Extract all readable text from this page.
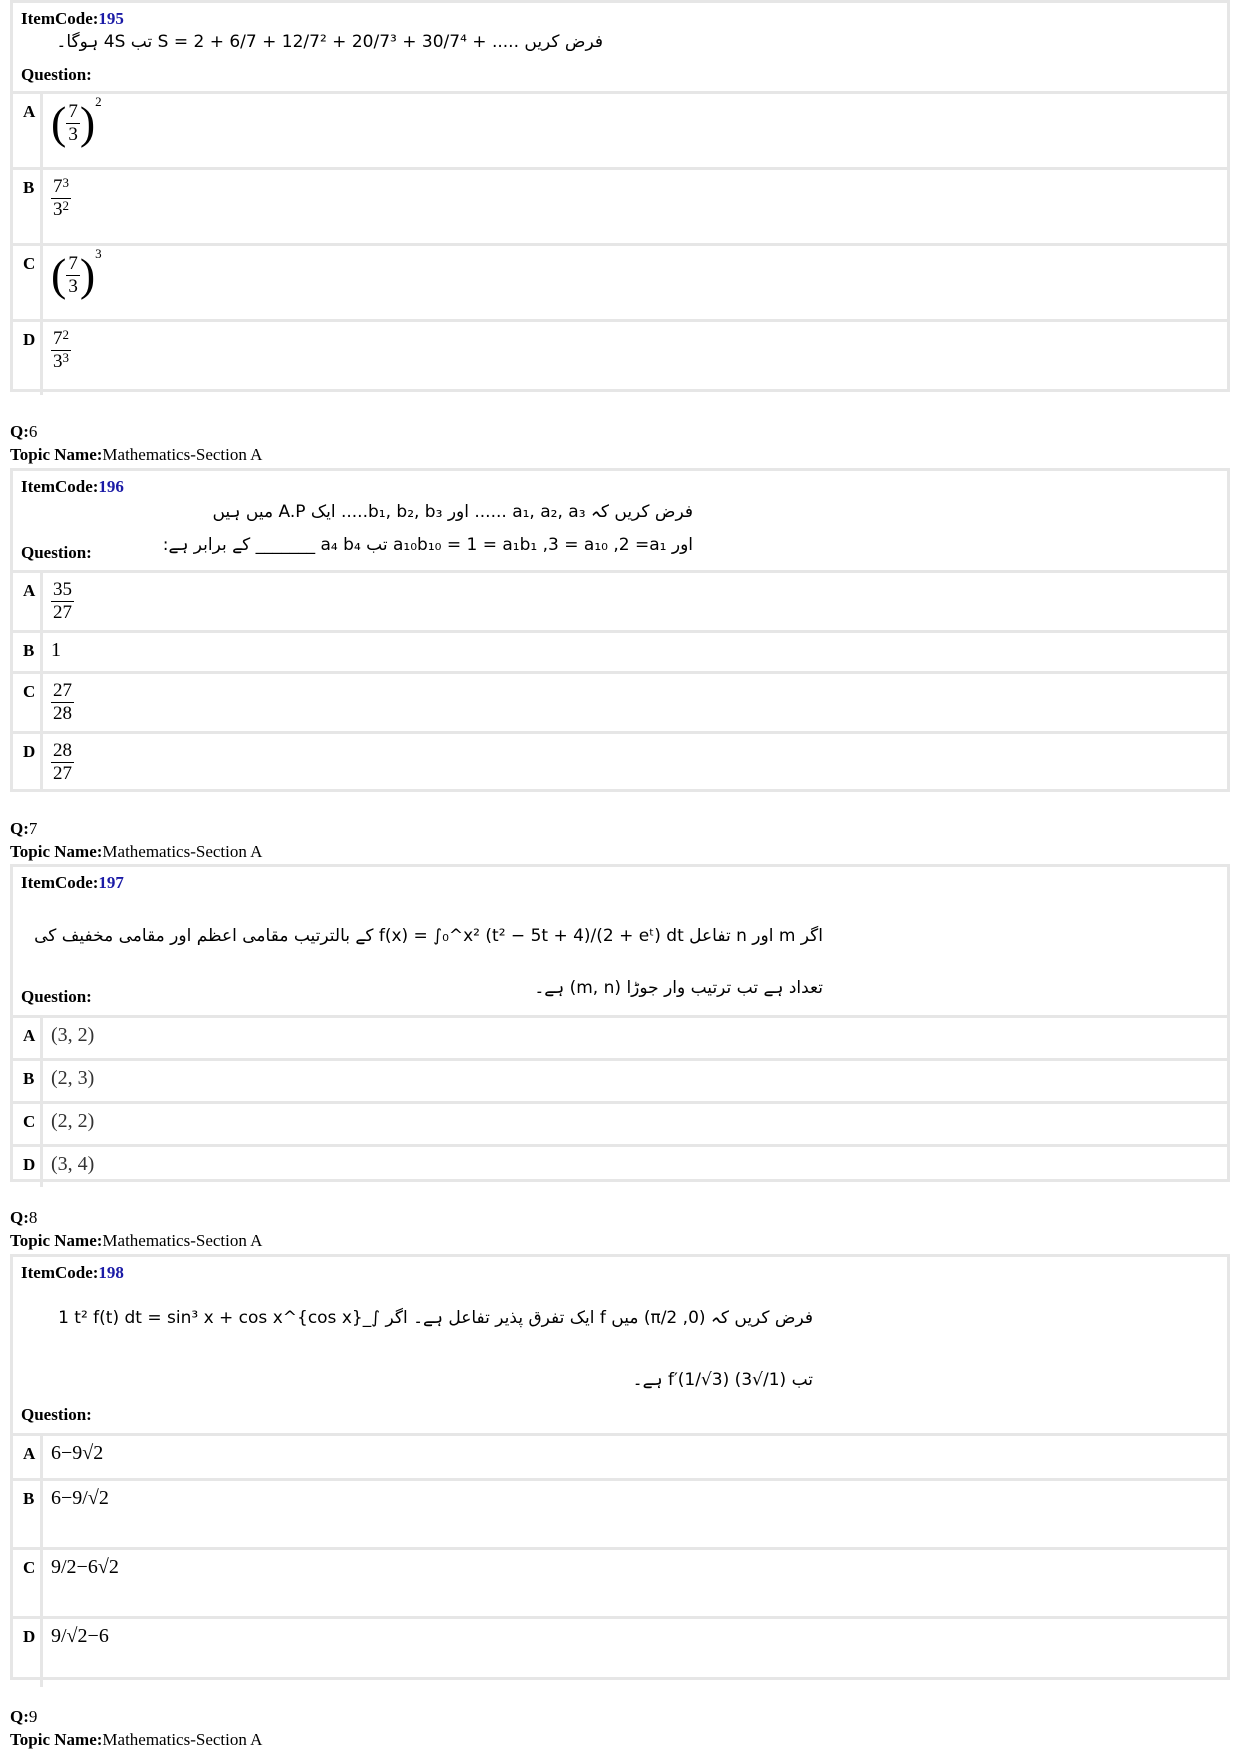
ItemCode:195
فرض کریں ..... + 30/7⁴ + 20/7³ + 12/7² + 6/7 + S = 2 تب 4S ہوگا۔
Question:
A ( $\frac{7}{3} )^2$
B $\frac{7^3}{3^2}$
C ( $\frac{7}{3} )^3$
D $\frac{7^2}{3^3}$
Q:6
Topic Name:Mathematics-Section A
ItemCode:196
فرض کریں کہ a₁, a₂, a₃ ...... اور b₁, b₂, b₃..... ایک A.P میں ہیں
اور a₁₀b₁₀ = 1 = a₁b₁ ,3 = a₁₀ ,2 =a₁ تب a₄ b₄ _______ کے برابر ہے:
Question:
A $\frac{35}{27}$
B 1
C $\frac{27}{28}$
D $\frac{28}{27}$
Q:7
Topic Name:Mathematics-Section A
ItemCode:197
اگر m اور n تفاعل f(x) = ∫₀^x² (t² − 5t + 4)/(2 + eᵗ) dt کے بالترتیب مقامی اعظم اور مقامی مخفیف کی
تعداد ہے تب ترتیب وار جوڑا (m, n) ہے۔
Question:
A (3, 2)
B (2, 3)
C (2, 2)
D (3, 4)
Q:8
Topic Name:Mathematics-Section A
ItemCode:198
فرض کریں کہ (0, π/2) میں f ایک تفرق پذیر تفاعل ہے۔ اگر ∫_{cos x}^1 t² f(t) dt = sin³ x + cos x
تب (1/√3) f′(1/√3) ہے۔
Question:
A 6−9√2
B 6−9/√2
C 9/2−6√2
D 9/√2−6
Q:9
Topic Name:Mathematics-Section A
